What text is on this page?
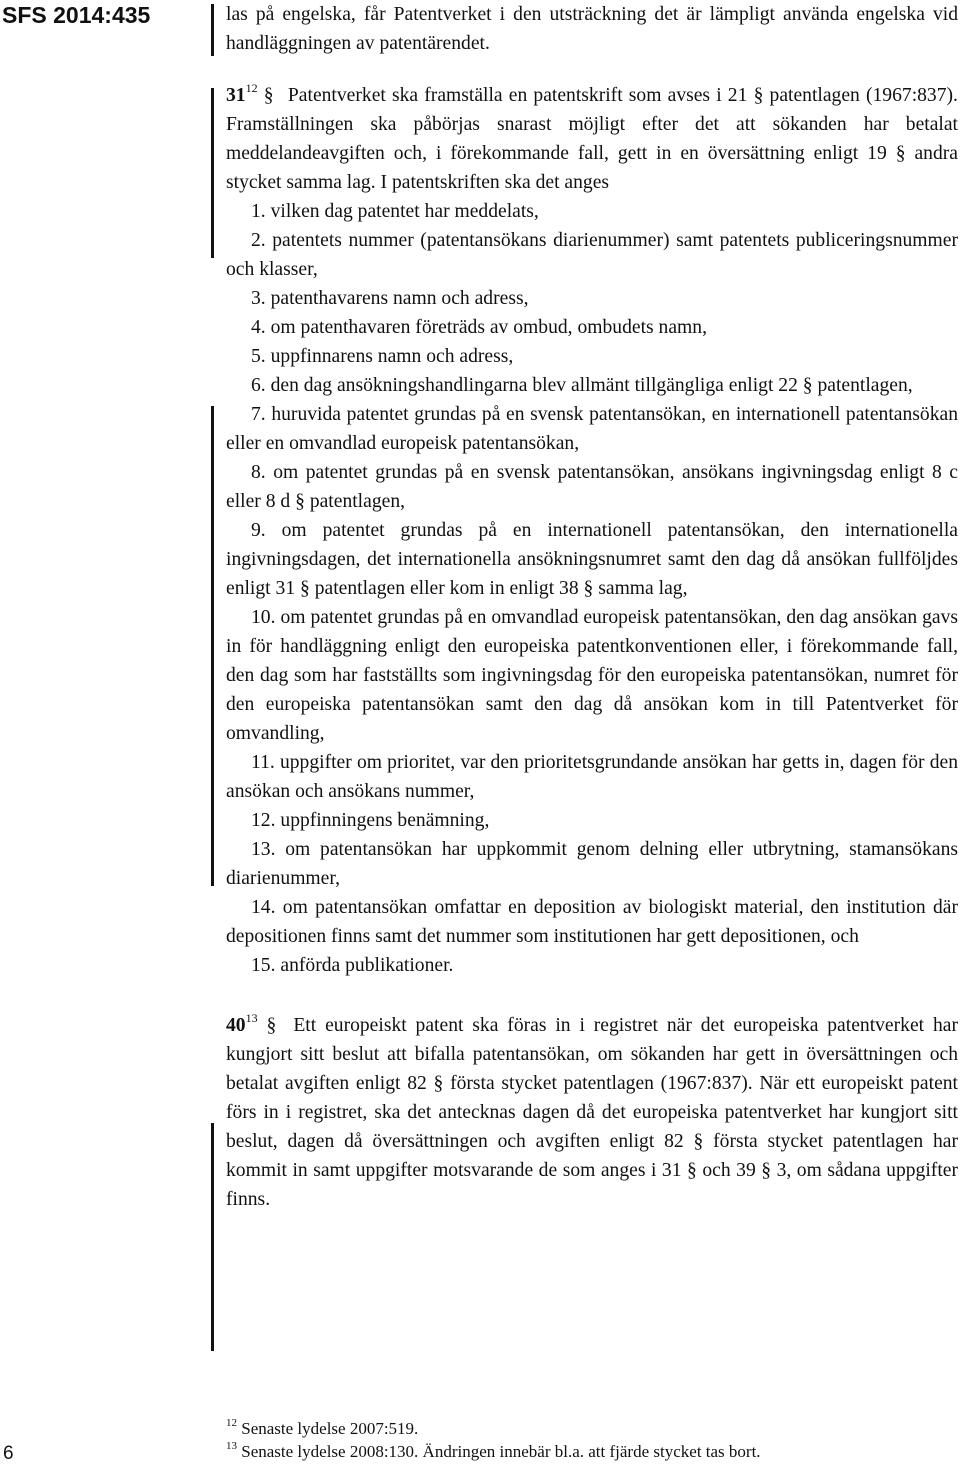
SFS 2014:435	las på engelska, får Patentverket i den utsträckning det är lämpligt använda engelska vid handläggningen av patentärendet.

$31^{12}$ § Patentverket ska framställa en patentskrift som avses i 21 § patentlagen (1967:837). Framställningen ska påbörjas snarast möjligt efter det att sökanden har betalat meddelandeavgiften och, i förekommande fall, gett in en översättning enligt 19 § andra stycket samma lag. I patentskriften ska det anges

1. vilken dag patentet har meddelats,

2. patentets nummer (patentansökans diarienummer) samt patentets publiceringsnummer och klasser,

3. patenthavarens namn och adress,

4. om patenthavaren företräds av ombud, ombudets namn,

5. uppfinnarens namn och adress,

6. den dag ansökningshandlingarna blev allmänt tillgängliga enligt 22 § patentlagen,

7. huruvida patentet grundas på en svensk patentansökan, en internationell patentansökan eller en omvandlad europeisk patentansökan,

8. om patentet grundas på en svensk patentansökan, ansökans ingivningsdag enligt 8 c eller 8 d § patentlagen,

9. om patentet grundas på en internationell patentansökan, den internationella ingivningsdagen, det internationella ansökningsnumret samt den dag då ansökan fullföljdes enligt 31 § patentlagen eller kom in enligt 38 § samma lag,

10. om patentet grundas på en omvandlad europeisk patentansökan, den dag ansökan gavs in för handläggning enligt den europeiska patentkonventionen eller, i förekommande fall, den dag som har fastställts som ingivningsdag för den europeiska patentansökan, numret för den europeiska patentansökan samt den dag då ansökan kom in till Patentverket för omvandling,

11. uppgifter om prioritet, var den prioritetsgrundande ansökan har getts in, dagen för den ansökan och ansökans nummer,

12. uppfinningens benämning,

13. om patentansökan har uppkommit genom delning eller utbrytning, stamansökans diarienummer,

14. om patentansökan omfattar en deposition av biologiskt material, den institution där depositionen finns samt det nummer som institutionen har gett depositionen, och

15. anförda publikationer.

$40^{13}$ § Ett europeiskt patent ska föras in i registret när det europeiska patentverket har kungjort sitt beslut att bifalla patentansökan, om sökanden har gett in översättningen och betalat avgiften enligt 82 § första stycket patentlagen (1967:837). När ett europeiskt patent förs in i registret, ska det antecknas dagen då det europeiska patentverket har kungjort sitt beslut, dagen då översättningen och avgiften enligt 82 § första stycket patentlagen har kommit in samt uppgifter motsvarande de som anges i 31 § och 39 § 3, om sådana uppgifter finns.

$^{12}$ Senaste lydelse 2007:519.

$^{13}$ Senaste lydelse 2008:130. Ändringen innebär bl.a. att fjärde stycket tas bort.

6
